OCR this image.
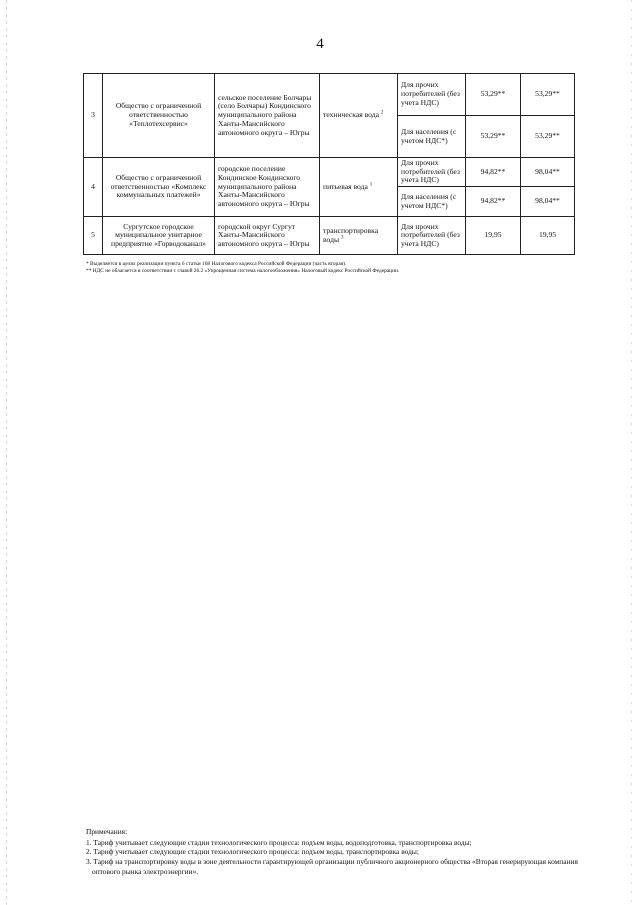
4
3	Общество с ограниченной ответственностью «Теплотехсервис»	сельское поселение Болчары (село Болчары) Кондинского муниципального района Ханты-Мансийского автономного округа – Югры	техническая вода $^2$	Для прочих потребителей (без учета НДС)	53,29**	53,29**
				Для населения (с учетом НДС*)	53,29**	53,29**
4	Общество с ограниченной ответственностью «Комплекс коммунальных платежей»	городское поселение Кондинское Кондинского муниципального района Ханты-Мансийского автономного округа – Югры	питьевая вода $^1$	Для прочих потребителей (без учета НДС)	94,82**	98,04**
				Для населения (с учетом НДС*)	94,82**	98,04**
5	Сургутское городское муниципальное унитарное предприятие «Горводоканал»	городской округ Сургут Ханты-Мансийского автономного округа – Югры	транспортировка воды $^3$	Для прочих потребителей (без учета НДС)	19,95	19,95
* Выделяется в целях реализации пункта 6 статьи 168 Налогового кодекса Российской Федерации (часть вторая).
** НДС не облагается в соответствии с главой 26.2 «Упрощенная система налогообложения» Налоговый кодекс Российской Федерации.
Примечания:
1. Тариф учитывает следующие стадии технологического процесса: подъем воды, водоподготовка, транспортировка воды;
2. Тариф учитывает следующие стадии технологического процесса: подъем воды, транспортировка воды;
3. Тариф на транспортировку воды в зоне деятельности гарантирующей организации публичного акционерного общества «Вторая генерирующая компания оптового рынка электроэнергии».
